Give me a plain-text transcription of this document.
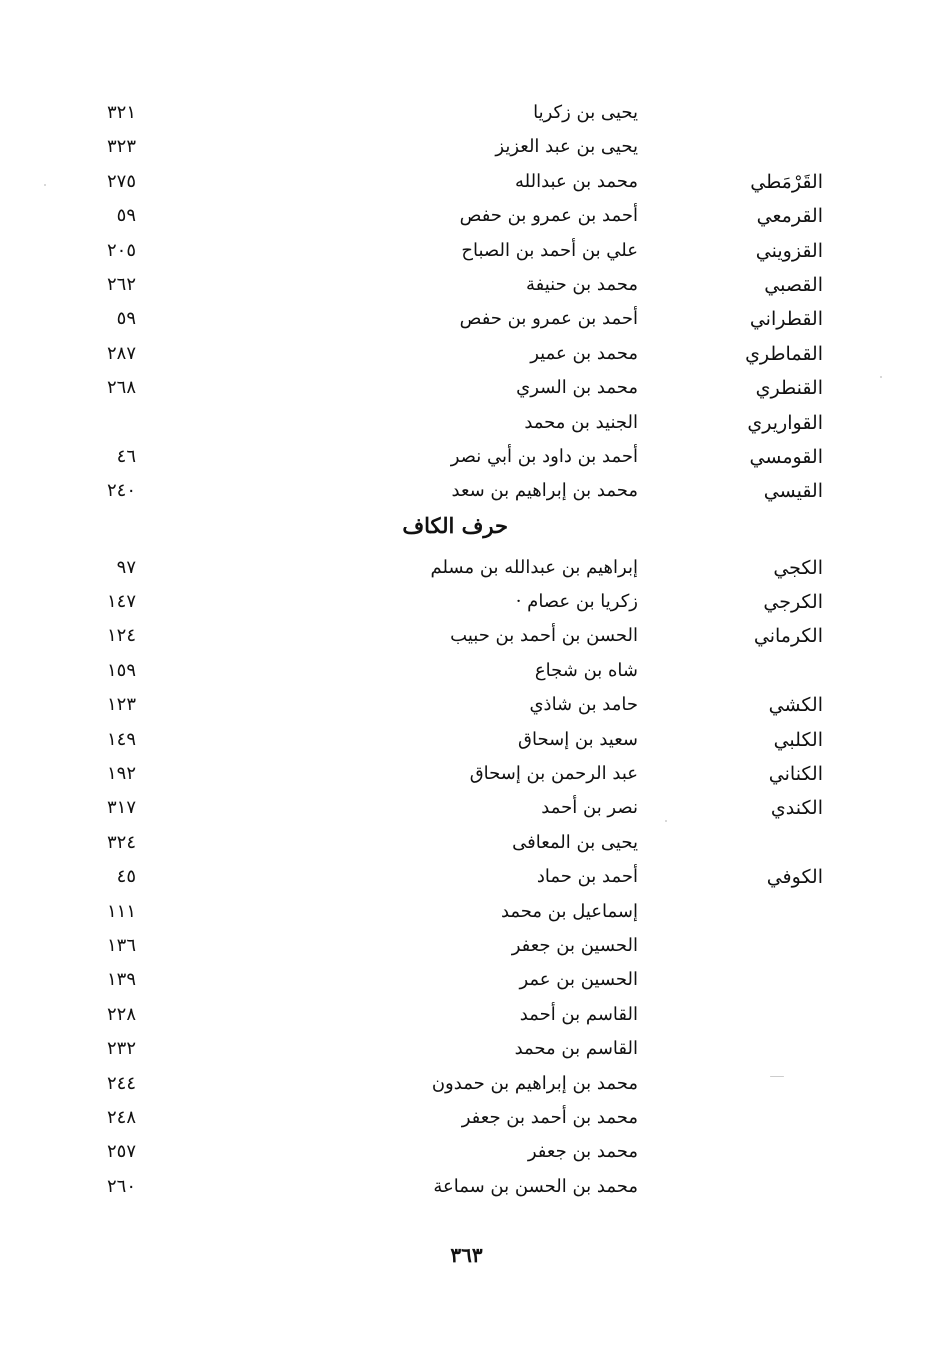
يحيى بن زكريا
٣٢١
يحيى بن عبد العزيز
٣٢٣
القَرْمَطي
محمد بن عبدالله
٢٧٥
القرمعي
أحمد بن عمرو بن حفص
٥٩
القزويني
علي بن أحمد بن الصباح
٢٠٥
القصبي
محمد بن حنيفة
٢٦٢
القطراني
أحمد بن عمرو بن حفص
٥٩
القماطري
محمد بن عمير
٢٨٧
القنطري
محمد بن السري
٢٦٨
القواريري
الجنيد بن محمد
القومسي
أحمد بن داود بن أبي نصر
٤٦
القيسي
محمد بن إبراهيم بن سعد
٢٤٠
حرف الكاف
الكجي
إبراهيم بن عبدالله بن مسلم
٩٧
الكرجي
زكريا بن عصام ·
١٤٧
الكرماني
الحسن بن أحمد بن حبيب
١٢٤
شاه بن شجاع
١٥٩
الكشي
حامد بن شاذي
١٢٣
الكلبي
سعيد بن إسحاق
١٤٩
الكناني
عبد الرحمن بن إسحاق
١٩٢
الكندي
نصر بن أحمد
٣١٧
يحيى بن المعافى
٣٢٤
الكوفي
أحمد بن حماد
٤٥
إسماعيل بن محمد
١١١
الحسين بن جعفر
١٣٦
الحسين بن عمر
١٣٩
القاسم بن أحمد
٢٢٨
القاسم بن محمد
٢٣٢
محمد بن إبراهيم بن حمدون
٢٤٤
محمد بن أحمد بن جعفر
٢٤٨
محمد بن جعفر
٢٥٧
محمد بن الحسن بن سماعة
٢٦٠
٣٦٣
